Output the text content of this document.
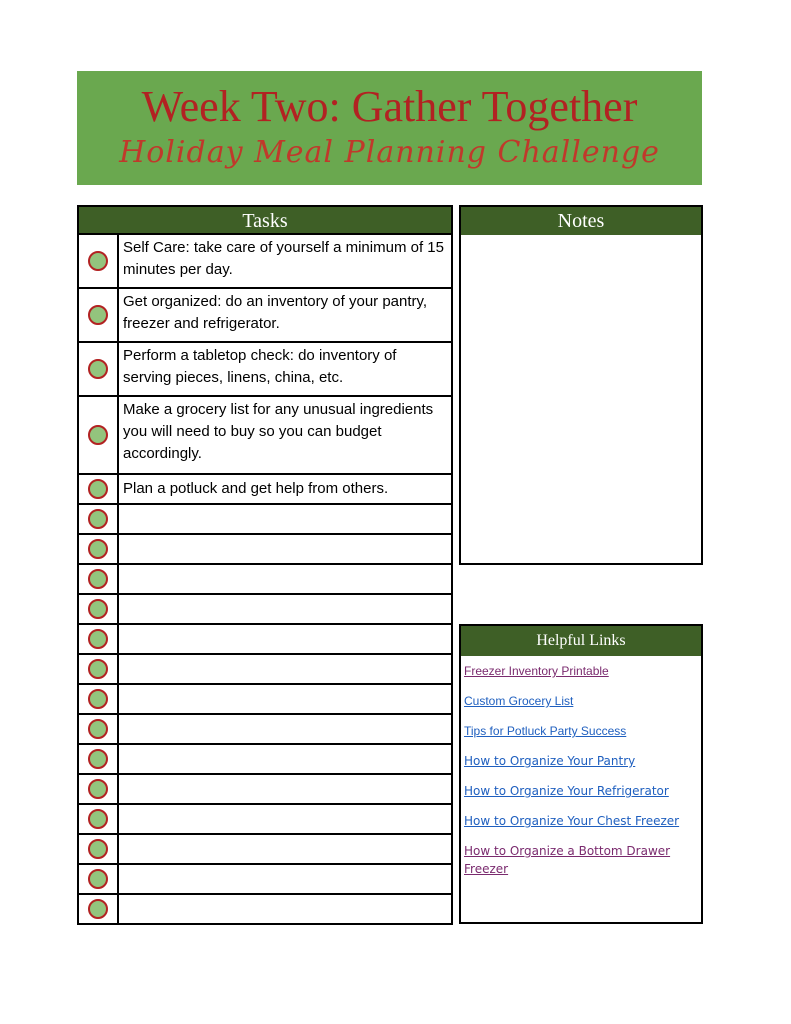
Week Two: Gather Together
Holiday Meal Planning Challenge
Tasks
Self Care: take care of yourself a minimum of 15 minutes per day.
Get organized: do an inventory of your pantry, freezer and refrigerator.
Perform a tabletop check: do inventory of serving pieces, linens, china, etc.
Make a grocery list for any unusual ingredients you will need to buy so you can budget accordingly.
Plan a potluck and get help from others.
Notes
Helpful Links
Freezer Inventory Printable
Custom Grocery List
Tips for Potluck Party Success
How to Organize Your Pantry
How to Organize Your Refrigerator
How to Organize Your Chest Freezer
How to Organize a Bottom Drawer Freezer
